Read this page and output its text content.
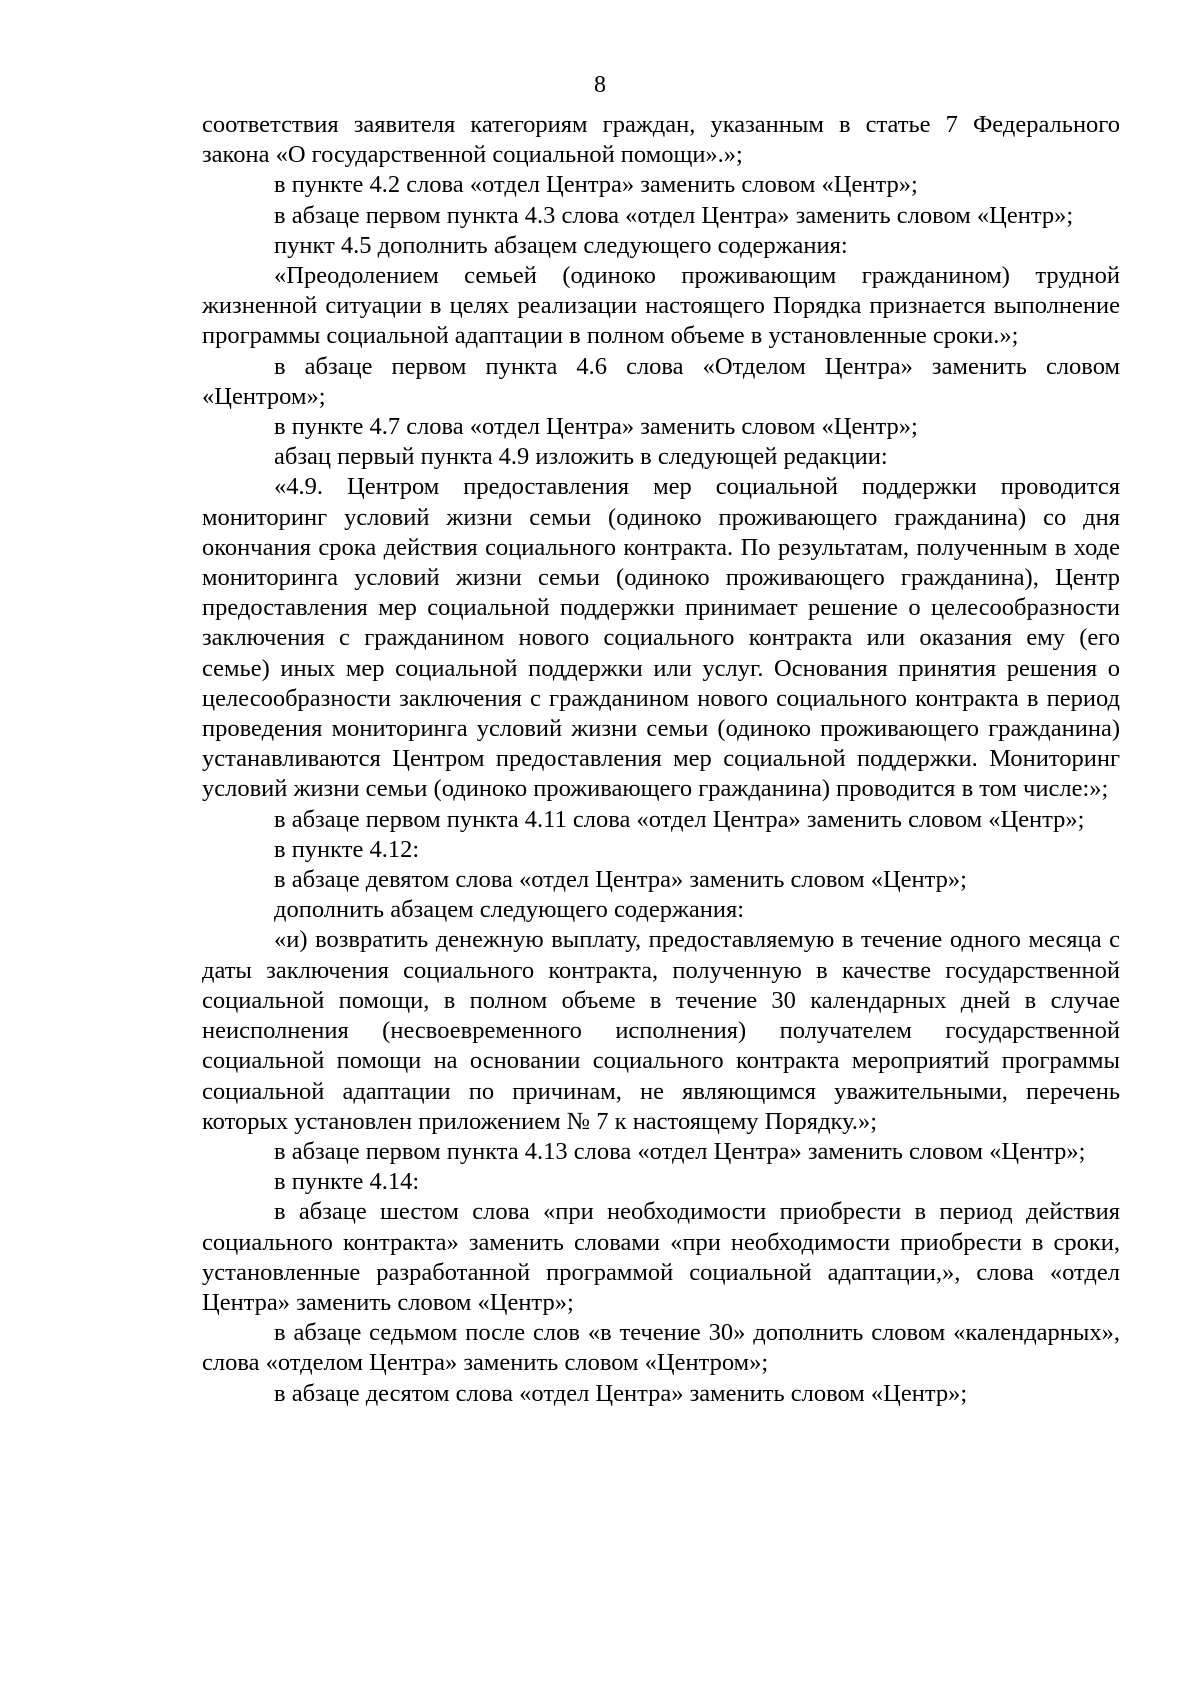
8

соответствия заявителя категориям граждан, указанным в статье 7 Федерального закона «О государственной социальной помощи».»;

в пункте 4.2 слова «отдел Центра» заменить словом «Центр»;

в абзаце первом пункта 4.3 слова «отдел Центра» заменить словом «Центр»;

пункт 4.5 дополнить абзацем следующего содержания:

«Преодолением семьей (одиноко проживающим гражданином) трудной жизненной ситуации в целях реализации настоящего Порядка признается выполнение программы социальной адаптации в полном объеме в установленные сроки.»;

в абзаце первом пункта 4.6 слова «Отделом Центра» заменить словом «Центром»;

в пункте 4.7 слова «отдел Центра» заменить словом «Центр»;

абзац первый пункта 4.9 изложить в следующей редакции:

«4.9. Центром предоставления мер социальной поддержки проводится мониторинг условий жизни семьи (одиноко проживающего гражданина) со дня окончания срока действия социального контракта. По результатам, полученным в ходе мониторинга условий жизни семьи (одиноко проживающего гражданина), Центр предоставления мер социальной поддержки принимает решение о целесообразности заключения с гражданином нового социального контракта или оказания ему (его семье) иных мер социальной поддержки или услуг. Основания принятия решения о целесообразности заключения с гражданином нового социального контракта в период проведения мониторинга условий жизни семьи (одиноко проживающего гражданина) устанавливаются Центром предоставления мер социальной поддержки. Мониторинг условий жизни семьи (одиноко проживающего гражданина) проводится в том числе:»;

в абзаце первом пункта 4.11 слова «отдел Центра» заменить словом «Центр»;

в пункте 4.12:

в абзаце девятом слова «отдел Центра» заменить словом «Центр»;

дополнить абзацем следующего содержания:

«и) возвратить денежную выплату, предоставляемую в течение одного месяца с даты заключения социального контракта, полученную в качестве государственной социальной помощи, в полном объеме в течение 30 календарных дней в случае неисполнения (несвоевременного исполнения) получателем государственной социальной помощи на основании социального контракта мероприятий программы социальной адаптации по причинам, не являющимся уважительными, перечень которых установлен приложением № 7 к настоящему Порядку.»;

в абзаце первом пункта 4.13 слова «отдел Центра» заменить словом «Центр»;

в пункте 4.14:

в абзаце шестом слова «при необходимости приобрести в период действия социального контракта» заменить словами «при необходимости приобрести в сроки, установленные разработанной программой социальной адаптации,», слова «отдел Центра» заменить словом «Центр»;

в абзаце седьмом после слов «в течение 30» дополнить словом «календарных», слова «отделом Центра» заменить словом «Центром»;

в абзаце десятом слова «отдел Центра» заменить словом «Центр»;
